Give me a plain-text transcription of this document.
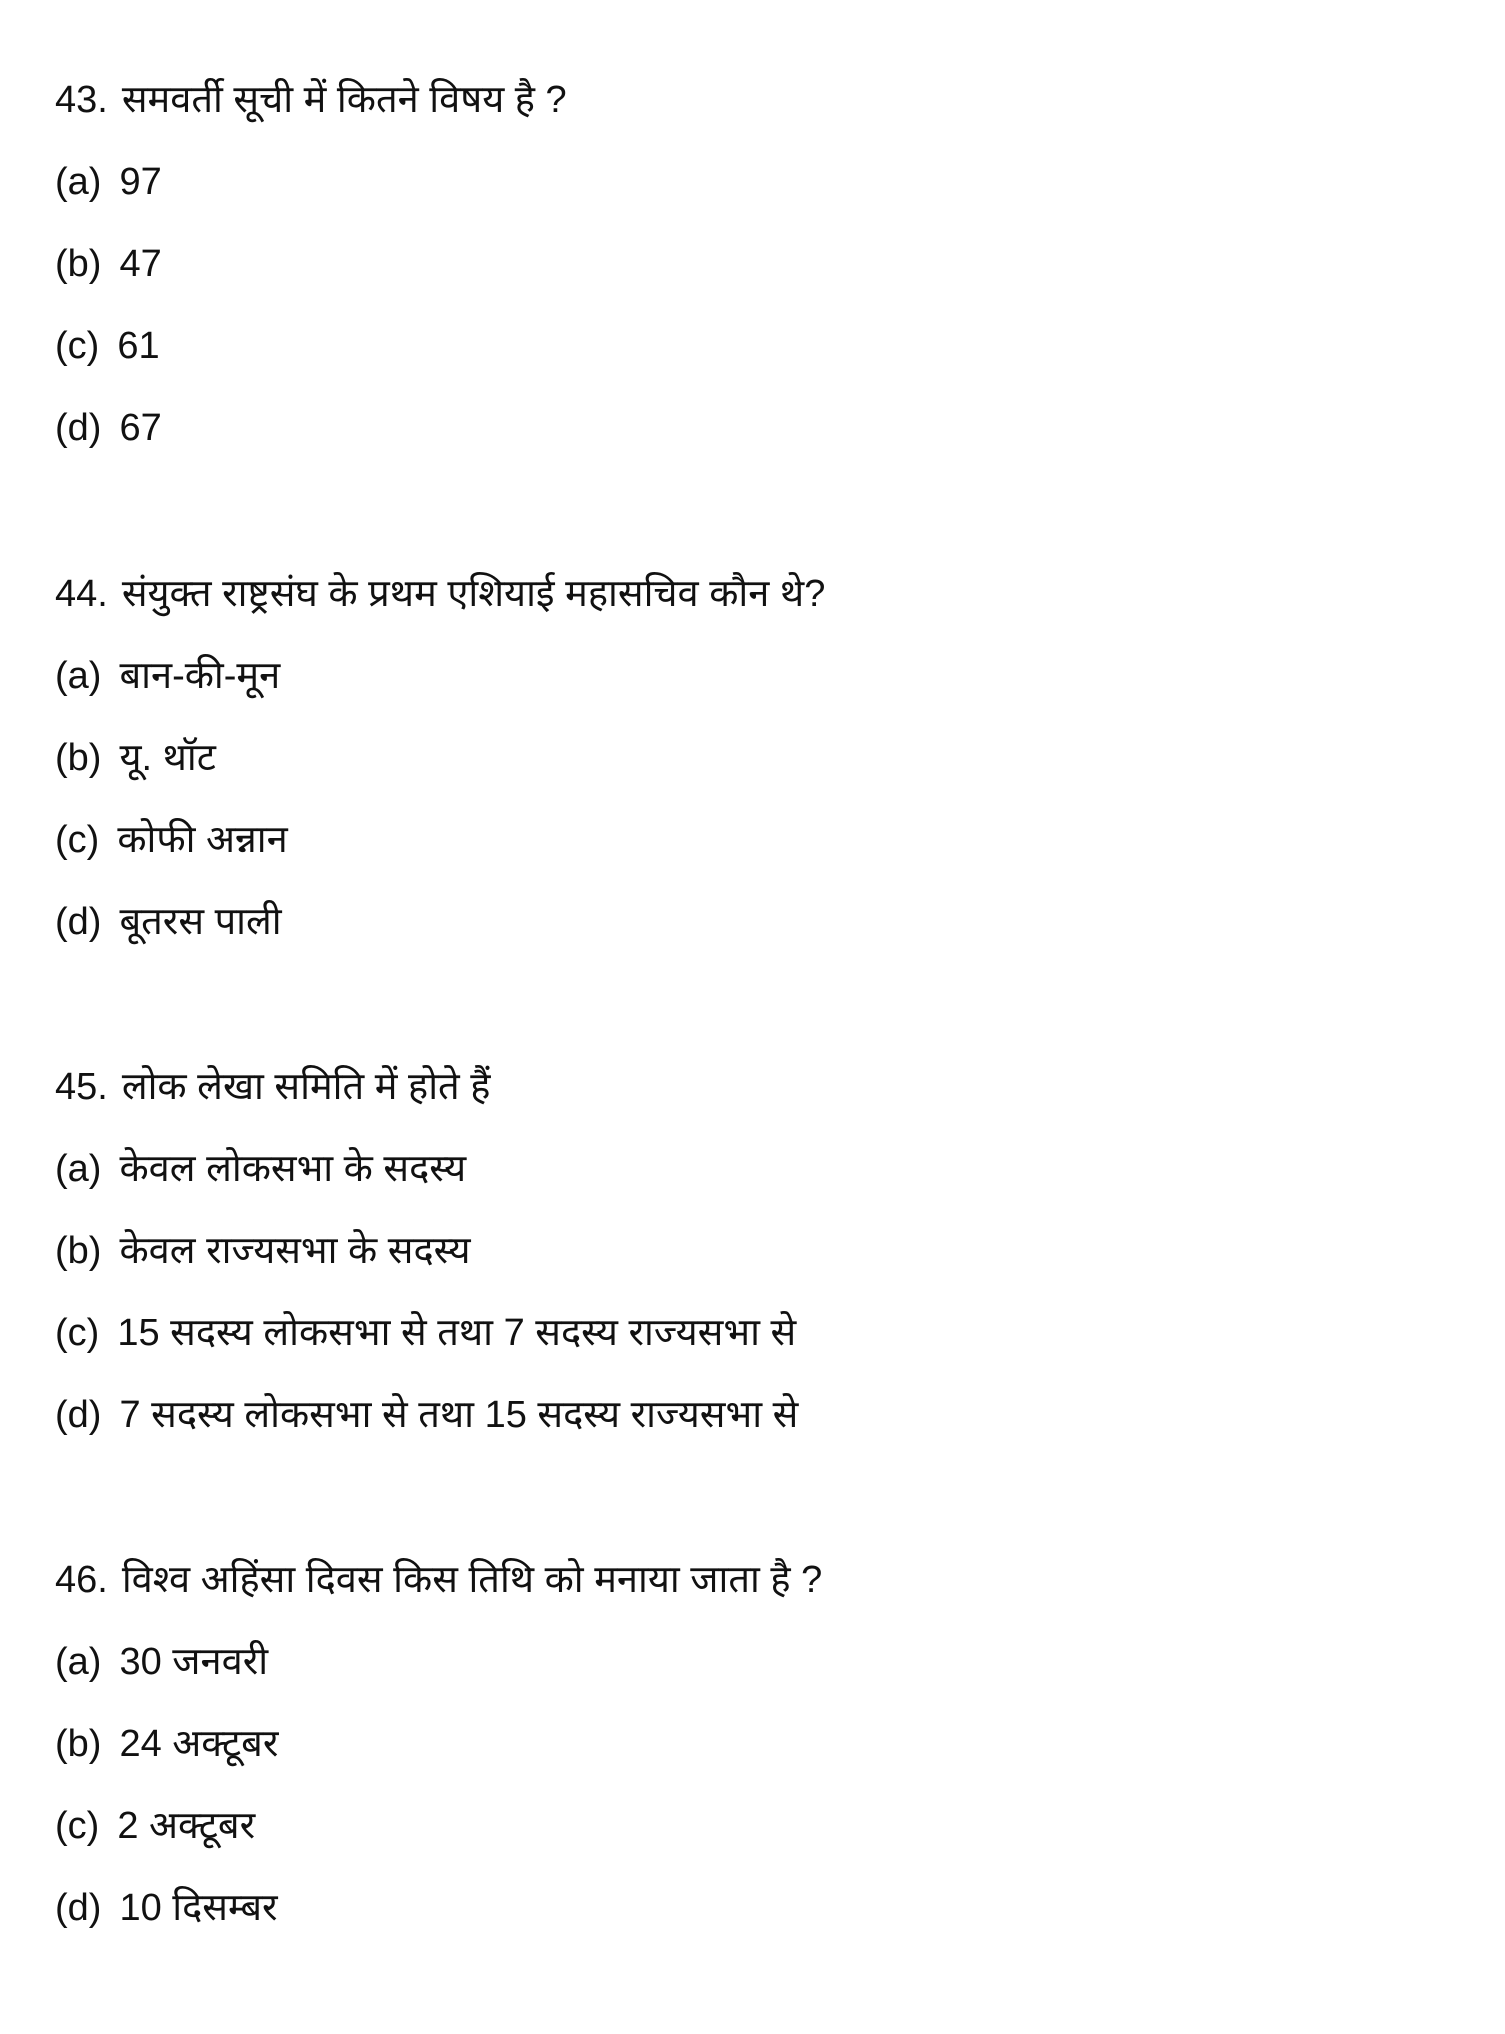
43. समवर्ती सूची में कितने विषय है ?
(a) 97
(b) 47
(c) 61
(d) 67
44. संयुक्त राष्ट्रसंघ के प्रथम एशियाई महासचिव कौन थे?
(a) बान-की-मून
(b) यू. थॉट
(c) कोफी अन्नान
(d) बूतरस पाली
45. लोक लेखा समिति में होते हैं
(a) केवल लोकसभा के सदस्य
(b) केवल राज्यसभा के सदस्य
(c) 15 सदस्य लोकसभा से तथा 7 सदस्य राज्यसभा से
(d) 7 सदस्य लोकसभा से तथा 15 सदस्य राज्यसभा से
46. विश्व अहिंसा दिवस किस तिथि को मनाया जाता है ?
(a) 30 जनवरी
(b) 24 अक्टूबर
(c) 2 अक्टूबर
(d) 10 दिसम्बर
